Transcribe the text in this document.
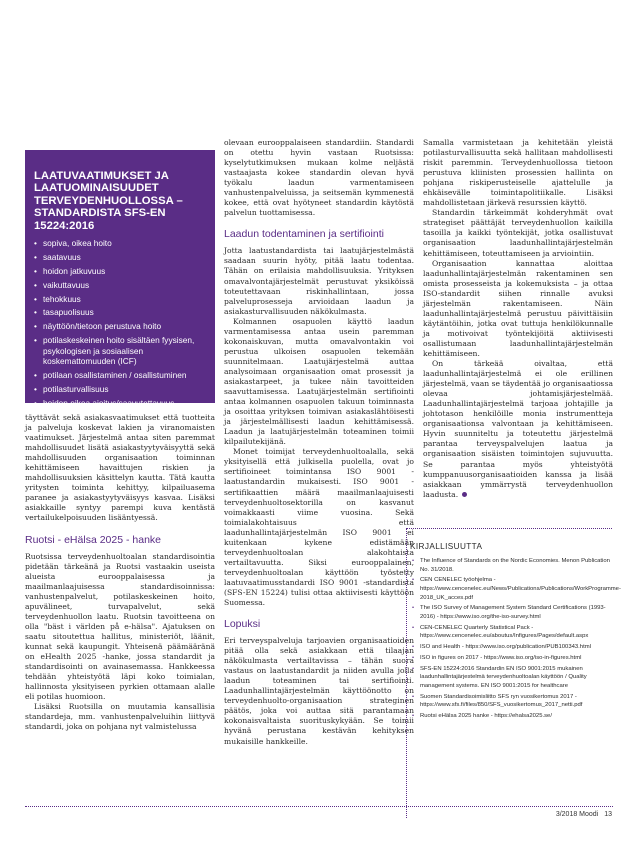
LAATUVAATIMUKSET JA LAATUOMINAISUUDET TERVEYDENHUOLLOSSA – STANDARDISTA SFS-EN 15224:2016
• sopiva, oikea hoito
• saatavuus
• hoidon jatkuvuus
• vaikuttavuus
• tehokkuus
• tasapuolisuus
• näyttöön/tietoon perustuva hoito
• potilaskeskeinen hoito sisältäen fyysisen, psykologisen ja sosiaalisen koskemattomuuden (ICF)
• potilaan osallistaminen / osallistuminen
• potilasturvallisuus
• hoidon oikea ajoitus/saavutettavuus

täyttävät sekä asiakasvaatimukset että tuotteita ja palveluja koskevat lakien ja viranomaisten vaatimukset. Järjestelmä antaa siten paremmat mahdollisuudet lisätä asiakastyytyväisyyttä sekä mahdollisuuden organisaation toiminnan kehittämiseen havaittujen riskien ja mahdollisuuksien käsittelyn kautta. Tätä kautta yritysten toiminta kehittyy, kilpailuasema paranee ja asiakastyytyväisyys kasvaa. Lisäksi asiakkaille syntyy parempi kuva kentästä vertailukelpoisuuden lisääntyessä.

Ruotsi - eHälsa 2025 - hanke

Ruotsissa terveydenhuoltoalan standardisointia pidetään tärkeänä ja Ruotsi vastaakin useista alueista eurooppalaisessa ja maailmanlaajuisessa standardisoinnissa: vanhustenpalvelut, potilaskeskeinen hoito, apuvälineet, turvapalvelut, sekä terveydenhuollon laatu. Ruotsin tavoitteena on olla "bäst i världen på e-hälsa". Ajatuksen on saatu sitoutettua hallitus, ministeriöt, läänit, kunnat sekä kaupungit. Yhteisenä päämääränä on eHealth 2025 -hanke, jossa standardit ja standardisointi on avainasemassa. Hankkeessa tehdään yhteistyötä läpi koko toimialan, hallinnosta yksityiseen pyrkien ottamaan alalle eli potilas huomioon.

Lisäksi Ruotsilla on muutamia kansallisia standardeja, mm. vanhustenpalveluihin liittyvä standardi, joka on pohjana nyt valmistelussa

olevaan eurooppalaiseen standardiin. Standardi on otettu hyvin vastaan Ruotsissa: kyselytutkimuksen mukaan kolme neljästä vastaajasta kokee standardin olevan hyvä työkalu laadun varmentamiseen vanhustenpalveluissa, ja seitsemän kymmenestä kokee, että ovat hyötyneet standardin käytöstä palvelun tuottamisessa.

Laadun todentaminen ja sertifiointi

Jotta laatustandardista tai laatujärjestelmästä saadaan suurin hyöty, pitää laatu todentaa. Tähän on erilaisia mahdollisuuksia. Yrityksen omavalvontajärjestelmät perustuvat yksiköissä toteutettavaan riskinhallintaan, jossa palveluprosesseja arvioidaan laadun ja asiakasturvallisuuden näkökulmasta.

Kolmannen osapuolen käyttö laadun varmentamisessa antaa usein paremman kokonaiskuvan, mutta omavalvontakin voi perustua ulkoisen osapuolen tekemään suunnitelmaan. Laatujärjestelmä auttaa analysoimaan organisaation omat prosessit ja asiakastarpeet, ja tukee näin tavoitteiden saavuttamisessa. Laatujärjestelmän sertifiointi antaa kolmannen osapuolen takuun toiminnasta ja osoittaa yrityksen toimivan asiakaslähtöisesti ja järjestelmällisesti laadun kehittämisessä. Laadun ja laatujärjestelmän toteaminen toimii kilpailutekijänä.

Monet toimijat terveydenhuoltoalalla, sekä yksityisellä että julkisella puolella, ovat jo sertifioineet toimintansa ISO 9001 -laatustandardin mukaisesti. ISO 9001 -sertifikaattien määrä maailmanlaajuisesti terveydenhuoltosektorilla on kasvanut voimakkaasti viime vuosina. Sekä toimialakohtaisuus että laadunhallintajärjestelmän ISO 9001 ei kuitenkaan kykene edistämään terveydenhuoltoalan alakohtaista vertailtavuutta. Siksi eurooppalainen, terveydenhuoltoalan käyttöön työstetty laatuvaatimusstandardi ISO 9001 -standardista (SFS-EN 15224) tulisi ottaa aktiivisesti käyttöön Suomessa.

Lopuksi

Eri terveyspalveluja tarjoavien organisaatioiden pitää olla sekä asiakkaan että tilaajan näkökulmasta vertailtavissa – tähän suora vastaus on laatustandardit ja niiden avulla jolla laadun toteaminen tai sertifiointi. Laadunhallintajärjestelmän käyttöönotto on terveydenhuolto-organisaation strateginen päätös, joka voi auttaa sitä parantamaan kokonaisvaltaista suorituskykyään. Se toimii hyvänä perustana kestävän kehityksen mukaisille hankkeille.

Samalla varmistetaan ja kehitetään yleistä potilasturvallisuutta sekä hallitaan mahdollisesti riskit paremmin. Terveydenhuollossa tietoon perustuva kliinisten prosessien hallinta on pohjana riskiperusteiselle ajattelulle ja ehkäisevälle toimintapolitiikalle. Lisäksi mahdollistetaan järkevä resurssien käyttö.

Standardin tärkeimmät kohderyhmät ovat strategiset päättäjät terveydenhuollon kaikilla tasoilla ja kaikki työntekijät, jotka osallistuvat organisaation laadunhallintajärjestelmän kehittämiseen, toteuttamiseen ja arviointiin.

Organisaation kannattaa aloittaa laadunhallintajärjestelmän rakentaminen sen omista prosesseista ja kokemuksista – ja ottaa ISO-standardit siihen rinnalle avuksi järjestelmän rakentamiseen. Näin laadunhallintajärjestelmä perustuu päivittäisiin käytäntöihin, jotka ovat tuttuja henkilökunnalle ja motivoivat työntekijöitä aktiivisesti osallistumaan laadunhallintajärjestelmän kehittämiseen.

On tärkeää oivaltaa, että laadunhallintajärjestelmä ei ole erillinen järjestelmä, vaan se täydentää jo organisaatiossa olevaa johtamisjärjestelmää. Laadunhallintajärjestelmä tarjoaa johtajille ja johtotason henkilöille monia instrumentteja organisaationsa valvontaan ja kehittämiseen. Hyvin suunniteltu ja toteutettu järjestelmä parantaa terveyspalvelujen laatua ja organisaation sisäisten toimintojen sujuvuutta. Se parantaa myös yhteistyötä kumppanuusorganisaatioiden kanssa ja lisää asiakkaan ymmärrystä terveydenhuollon laadusta.

KIRJALLISUUTTA
• The Influence of Standards on the Nordic Economies. Menon Publication No. 31/2018.
• CEN CENELEC työohjelma - https://www.cencenelec.eu/News/Publications/Publications/WorkProgramme-2018_UK_acces.pdf
• The ISO Survey of Management System Standard Certifications (1993-2016) - https://www.iso.org/the-iso-survey.html
• CEN-CENELEC Quarterly Statistical Pack - https://www.cencenelec.eu/aboutus/Infigures/Pages/default.aspx
• ISO and Health - https://www.iso.org/publication/PUB100343.html
• ISO in figures on 2017 - https://www.iso.org/iso-in-figures.html
• SFS-EN 15224:2016 Standardin EN ISO 9001:2015 mukainen laadunhallintajärjestelmä terveydenhuoltoalan käyttöön / Quality management systems. EN ISO 9001:2015 for healthcare
• Suomen Standardisoimisliitto SFS ryn vuosikertomus 2017 - https://www.sfs.fi/files/850/SFS_vuosikertomus_2017_netti.pdf
• Ruotsi eHälsa 2025 hanke - https://ehalsa2025.se/
3/2018 Moodi 13
